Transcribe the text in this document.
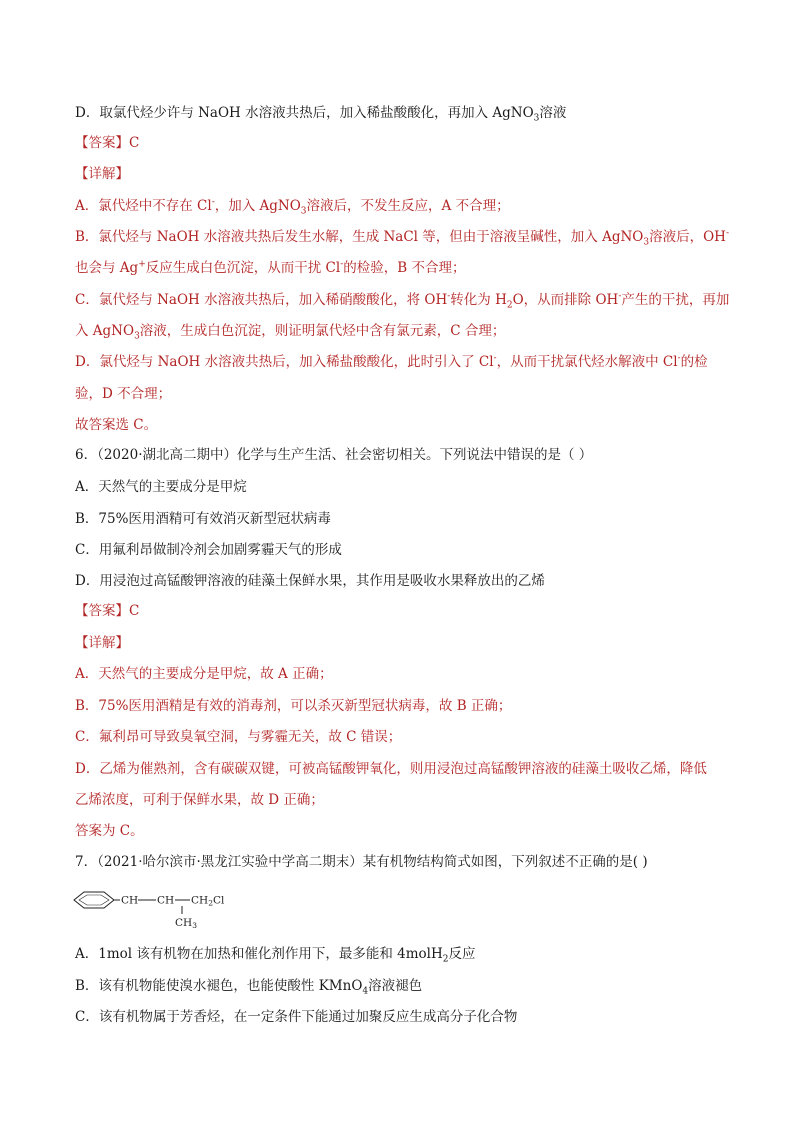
D．取氯代烃少许与 NaOH 水溶液共热后，加入稀盐酸酸化，再加入 AgNO$_3$溶液
【答案】C
【详解】
A．氯代烃中不存在 Cl-，加入 AgNO$_3$溶液后，不发生反应，A 不合理；
B．氯代烃与 NaOH 水溶液共热后发生水解，生成 NaCl 等，但由于溶液呈碱性，加入 AgNO$_3$溶液后，OH-
也会与 Ag+反应生成白色沉淀，从而干扰 Cl-的检验，B 不合理；
C．氯代烃与 NaOH 水溶液共热后，加入稀硝酸酸化，将 OH-转化为 $H_2O$，从而排除 OH-产生的干扰，再加
入 AgNO$_3$溶液，生成白色沉淀，则证明氯代烃中含有氯元素，C 合理；
D．氯代烃与 NaOH 水溶液共热后，加入稀盐酸酸化，此时引入了 Cl-，从而干扰氯代烃水解液中 Cl-的检
验，D 不合理；
故答案选 C。
6．（2020·湖北高二期中）化学与生产生活、社会密切相关。下列说法中错误的是（ ）
A．天然气的主要成分是甲烷
B．75%医用酒精可有效消灭新型冠状病毒
C．用氟利昂做制冷剂会加剧雾霾天气的形成
D．用浸泡过高锰酸钾溶液的硅藻土保鲜水果，其作用是吸收水果释放出的乙烯
【答案】C
【详解】
A．天然气的主要成分是甲烷，故 A 正确；
B．75%医用酒精是有效的消毒剂，可以杀灭新型冠状病毒，故 B 正确；
C．氟利昂可导致臭氧空洞，与雾霾无关，故 C 错误；
D．乙烯为催熟剂，含有碳碳双键，可被高锰酸钾氧化，则用浸泡过高锰酸钾溶液的硅藻土吸收乙烯，降低
乙烯浓度，可利于保鲜水果，故 D 正确；
答案为 C。
7．（2021·哈尔滨市·黑龙江实验中学高二期末）某有机物结构简式如图，下列叙述不正确的是( )
CH CH CH2Cl
CH3
A．1mol 该有机物在加热和催化剂作用下，最多能和 4molH$_2$反应
B．该有机物能使溴水褪色，也能使酸性 KMnO$_4$溶液褪色
C．该有机物属于芳香烃，在一定条件下能通过加聚反应生成高分子化合物
